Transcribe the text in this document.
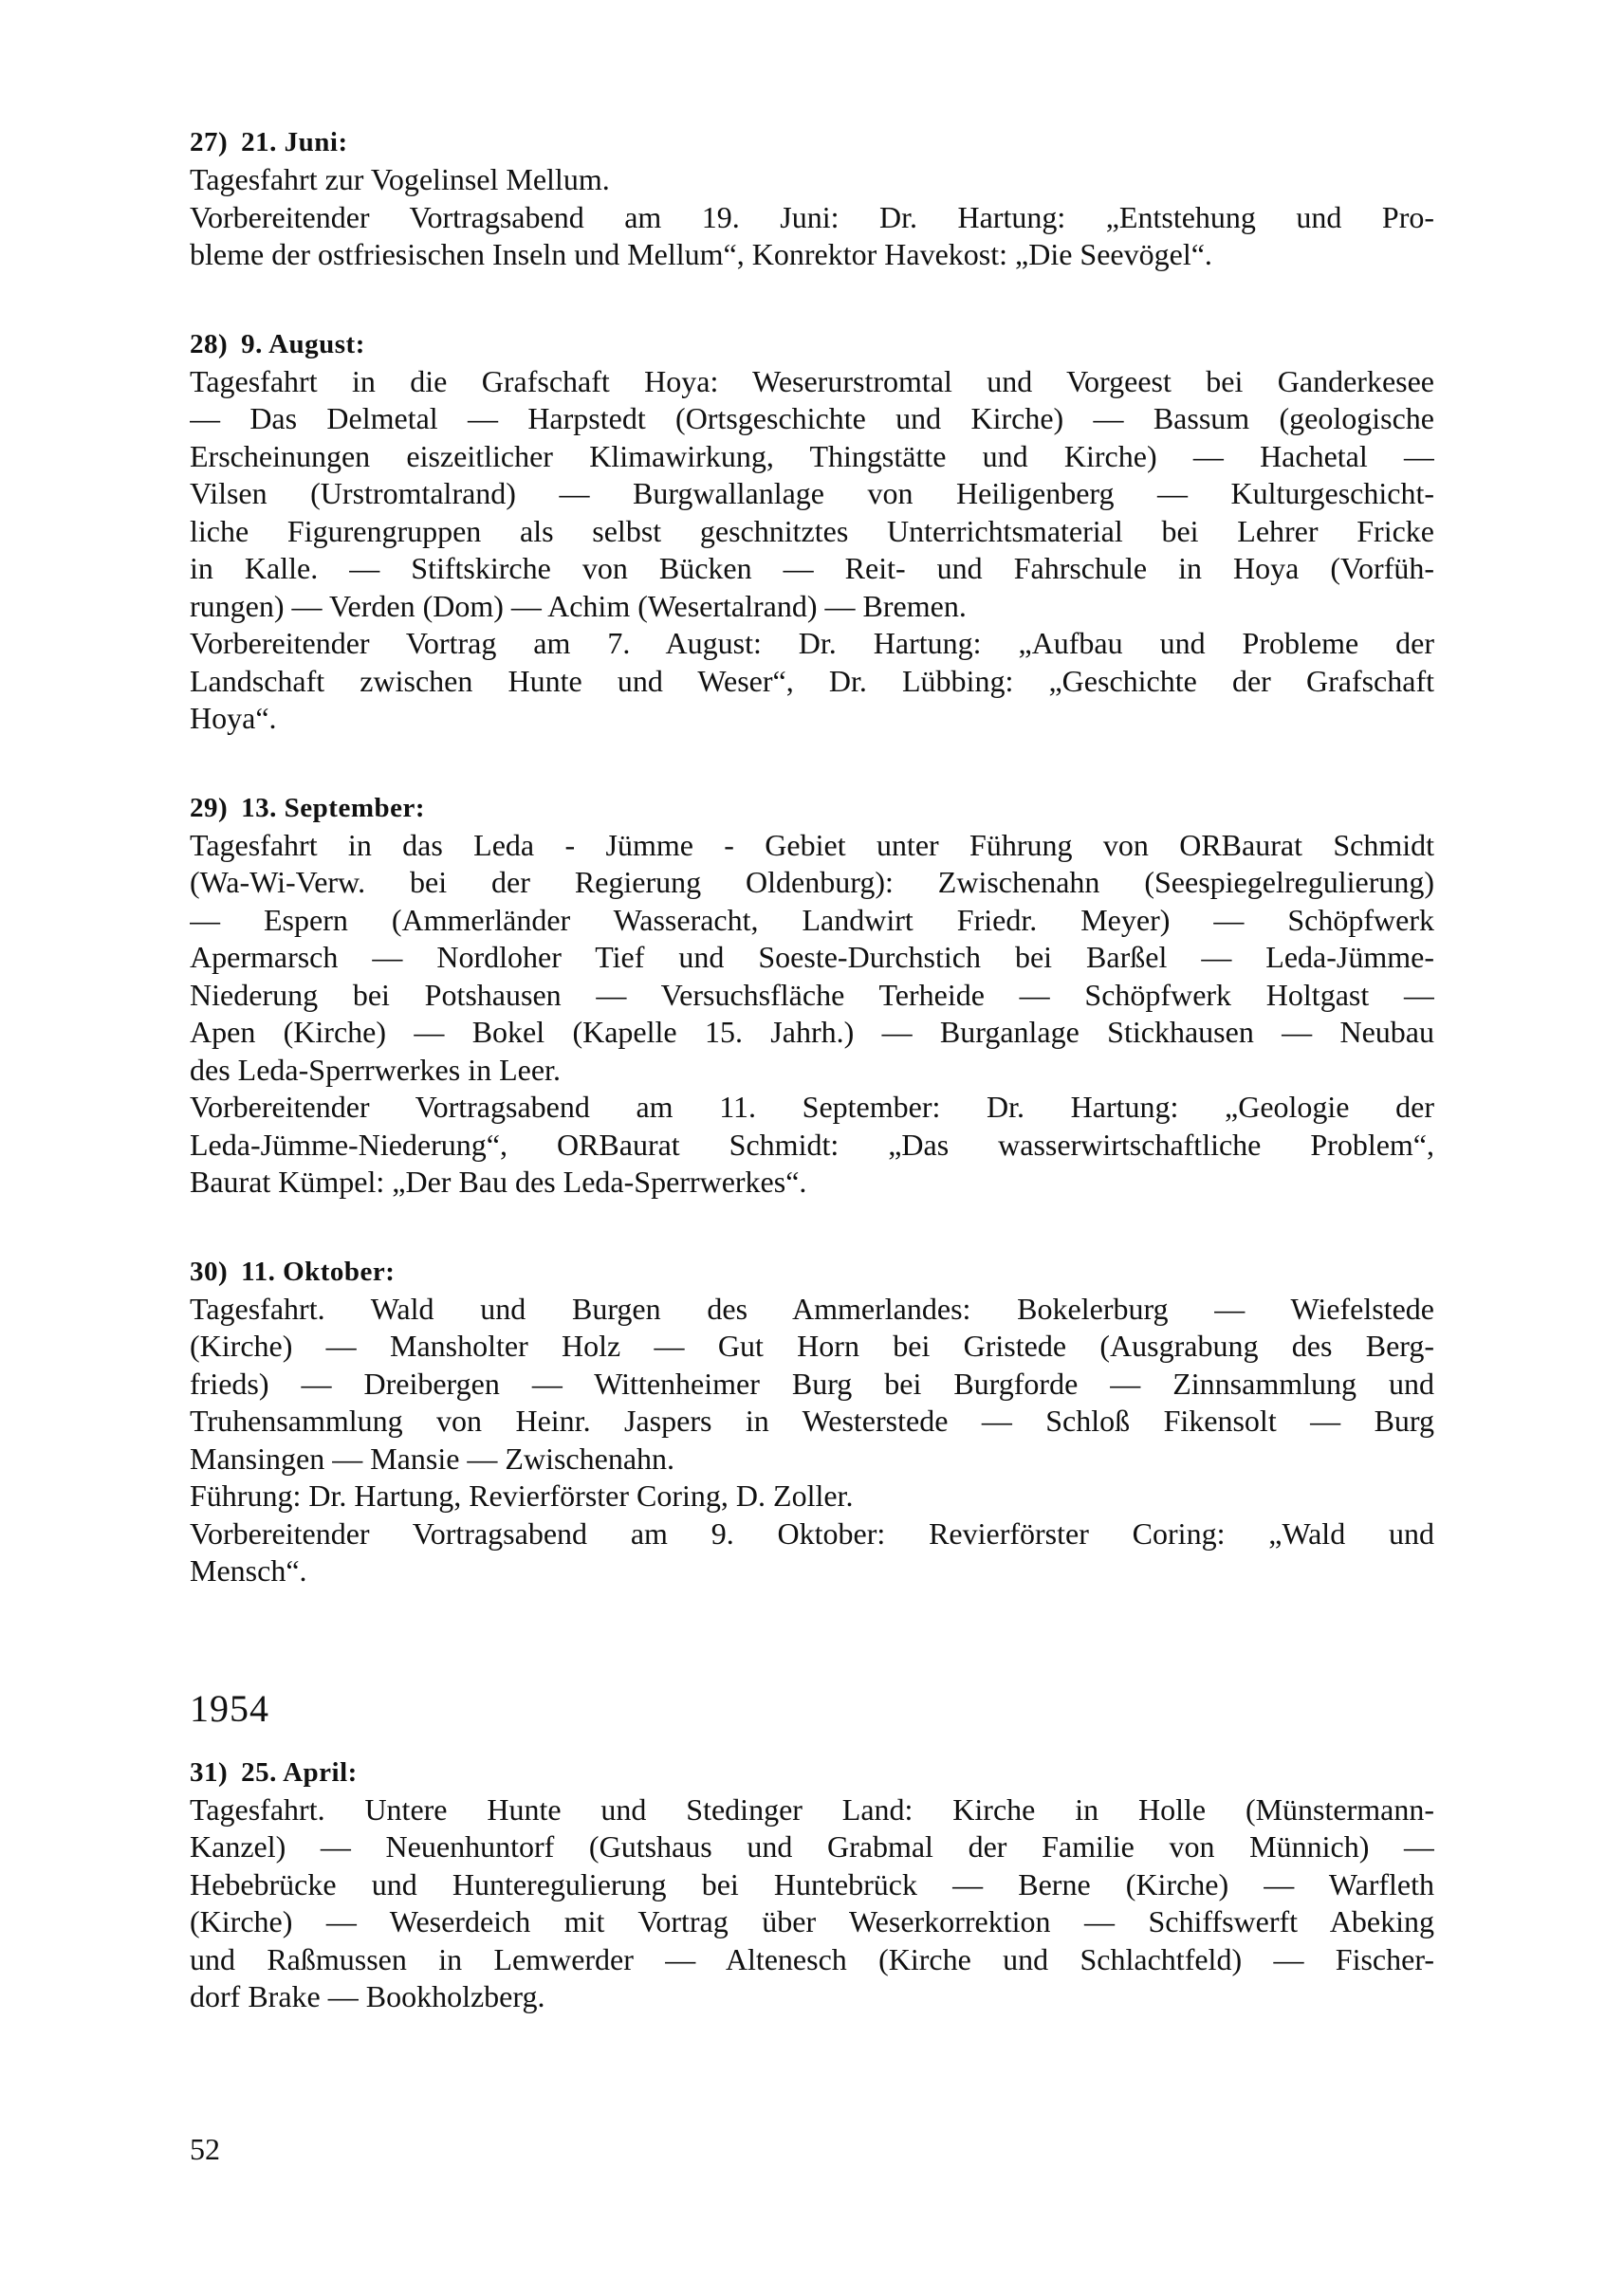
27) 21. Juni:
Tagesfahrt zur Vogelinsel Mellum.
Vorbereitender Vortragsabend am 19. Juni: Dr. Hartung: „Entstehung und Pro-
bleme der ostfriesischen Inseln und Mellum“, Konrektor Havekost: „Die Seevögel“.
28) 9. August:
Tagesfahrt in die Grafschaft Hoya: Weserurstromtal und Vorgeest bei Ganderkesee
— Das Delmetal — Harpstedt (Ortsgeschichte und Kirche) — Bassum (geologische
Erscheinungen eiszeitlicher Klimawirkung, Thingstätte und Kirche) — Hachetal —
Vilsen (Urstromtalrand) — Burgwallanlage von Heiligenberg — Kulturgeschicht-
liche Figurengruppen als selbst geschnitztes Unterrichtsmaterial bei Lehrer Fricke
in Kalle. — Stiftskirche von Bücken — Reit- und Fahrschule in Hoya (Vorfüh-
rungen) — Verden (Dom) — Achim (Wesertalrand) — Bremen.
Vorbereitender Vortrag am 7. August: Dr. Hartung: „Aufbau und Probleme der
Landschaft zwischen Hunte und Weser“, Dr. Lübbing: „Geschichte der Grafschaft
Hoya“.
29) 13. September:
Tagesfahrt in das Leda - Jümme - Gebiet unter Führung von ORBaurat Schmidt
(Wa-Wi-Verw. bei der Regierung Oldenburg): Zwischenahn (Seespiegelregulierung)
— Espern (Ammerländer Wasseracht, Landwirt Friedr. Meyer) — Schöpfwerk
Apermarsch — Nordloher Tief und Soeste-Durchstich bei Barßel — Leda-Jümme-
Niederung bei Potshausen — Versuchsfläche Terheide — Schöpfwerk Holtgast —
Apen (Kirche) — Bokel (Kapelle 15. Jahrh.) — Burganlage Stickhausen — Neubau
des Leda-Sperrwerkes in Leer.
Vorbereitender Vortragsabend am 11. September: Dr. Hartung: „Geologie der
Leda-Jümme-Niederung“, ORBaurat Schmidt: „Das wasserwirtschaftliche Problem“,
Baurat Kümpel: „Der Bau des Leda-Sperrwerkes“.
30) 11. Oktober:
Tagesfahrt. Wald und Burgen des Ammerlandes: Bokelerburg — Wiefelstede
(Kirche) — Mansholter Holz — Gut Horn bei Gristede (Ausgrabung des Berg-
frieds) — Dreibergen — Wittenheimer Burg bei Burgforde — Zinnsammlung und
Truhensammlung von Heinr. Jaspers in Westerstede — Schloß Fikensolt — Burg
Mansingen — Mansie — Zwischenahn.
Führung: Dr. Hartung, Revierförster Coring, D. Zoller.
Vorbereitender Vortragsabend am 9. Oktober: Revierförster Coring: „Wald und
Mensch“.
1954
31) 25. April:
Tagesfahrt. Untere Hunte und Stedinger Land: Kirche in Holle (Münstermann-
Kanzel) — Neuenhuntorf (Gutshaus und Grabmal der Familie von Münnich) —
Hebebrücke und Hunteregulierung bei Huntebrück — Berne (Kirche) — Warfleth
(Kirche) — Weserdeich mit Vortrag über Weserkorrektion — Schiffswerft Abeking
und Raßmussen in Lemwerder — Altenesch (Kirche und Schlachtfeld) — Fischer-
dorf Brake — Bookholzberg.
52
